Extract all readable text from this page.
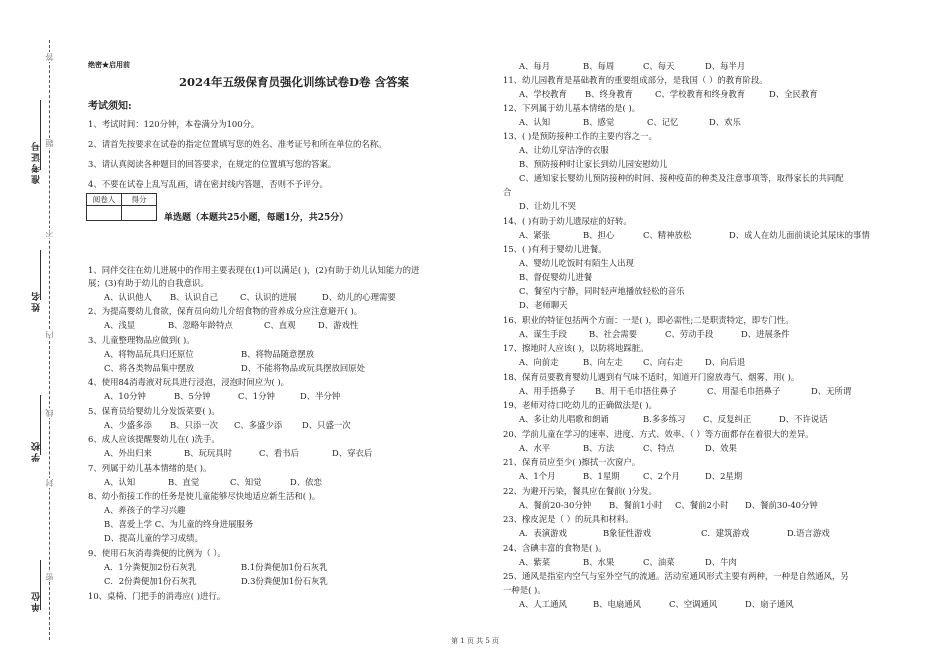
答
题
不
内
线
封
密
准考证号
姓名
学校
单位
绝密★启用前
2024年五级保育员强化训练试卷D卷 含答案
考试须知:
1、考试时间：120分钟，本卷满分为100分。
2、请首先按要求在试卷的指定位置填写您的姓名、准考证号和所在单位的名称。
3、请认真阅读各种题目的回答要求，在规定的位置填写您的答案。
4、不要在试卷上乱写乱画，请在密封线内答题，否则不予评分。
阅卷人	得分

单选题（本题共25小题，每题1分，共25分）
1、同伴交往在幼儿进展中的作用主要表现在(1)可以满足( )，(2)有助于幼儿认知能力的进
展；(3)有助于幼儿的自我意识。
A、认识他人 B、认识自己	C、认识的进展	D、幼儿的心理需要
2、为提高婴幼儿食欲，保育员向幼儿介绍食物的营养成分应注意避开( )。
A、浅显	B、忽略年龄特点	C、直观	D、游戏性
3、儿童整理物品应做到( )。
A、将物品玩具归还原位	B、将物品随意摆放
C、将各类物品集中摆放	D、不能将物品或玩具摆放回原处
4、使用84消毒液对玩具进行浸泡，浸泡时间应为( )。
A、10分钟	B、5分钟	C、1分钟	D、半分钟
5、保育员给婴幼儿分发饭菜要( )。
A、少盛多添 B、只添一次 C、多盛少添 D、只盛一次
6、成人应该提醒婴幼儿在( )洗手。
A、外出归来	B、玩玩具时	C、看书后	D、穿衣后
7、列属于幼儿基本情绪的是( )。
A、认知	B、直觉	C、知觉	D、依恋
8、幼小衔接工作的任务是使儿童能够尽快地适应新生活和( )。
A、养孩子的学习兴趣
B、喜爱上学 C、为儿童的终身进展服务
D、提高儿童的学习成绩。
9、使用石灰消毒粪便的比例为（ ）。
A．1分粪便加2份石灰乳	B.1份粪便加1份石灰乳
C．2份粪便加1份石灰乳	D.3份粪便加1份石灰乳
10、桌椅、门把手的消毒应( )进行。
A、每月	B、每周	C、每天	D、每半月
11、幼儿园教育是基础教育的重要组成部分，是我国（ ）的教育阶段。
A、学校教育 B、终身教育	C、学校教育和终身教育	D、全民教育
12、下列属于幼儿基本情绪的是( )。
A、认知	B、感觉	C、记忆	D、欢乐
13、( )是预防接种工作的主要内容之一。
A、让幼儿穿洁净的衣服
B、预防接种时让家长到幼儿园安慰幼儿
C、通知家长婴幼儿预防接种的时间、接种疫苗的种类及注意事项等，取得家长的共同配
合
D、让幼儿不哭
14、( )有助于幼儿遗尿症的好转。
A、紧张	B、担心	C、精神放松	D、成人在幼儿面前谈论其尿床的事情
15、( )有利于婴幼儿进餐。
A、婴幼儿吃饭时有陌生人出现
B、督促婴幼儿进餐
C、餐室内宁静，同时轻声地播放轻松的音乐
D、老师聊天
16、职业的特征包括两个方面：一是( )，即必需性;二是职责特定，即专门性。
A、谋生手段	B、社会需要	C、劳动手段	D、进展条件
17、擦地时人应该( )，以防将地踩脏。
A、向前走	B、向左走 C、向右走	D、向后退
18、保育员要教育婴幼儿遇到有气味不适时，知道开门窗放毒气、烟雾，用( )。
A、用手捂鼻子 B、用干毛巾捂住鼻子	C、用湿毛巾捂鼻子	D、无所谓
19、老师对待口吃幼儿的正确做法是( )。
A、多让幼儿唱歌和朗诵	B.多多练习 C、反复纠正	D、不许说话
20、学前儿童在学习的速率、进度、方式、效率、（ ）等方面都存在着很大的差异。
A、水平	B、方法	C、特点	D、效果
21、保育员应至少( )擦拭一次窗户。
A、1个月	B、1星期	C、2个月	D、2星期
22、为避开污染，餐具应在餐前( )分发。
A、餐前20-30分钟 B、餐前1小时 C、餐前2小时 D、餐前30-40分钟
23、橡皮泥是（ ）的玩具和材料。
A．表演游戏	B象征性游戏	C．建筑游戏	D.语言游戏
24、含碘丰富的食物是( )。
A、紫菜	B、水果	C、油菜	D、牛肉
25、通风是指室内空气与室外空气的流通。活动室通风形式主要有两种，一种是自然通风，另
一种是( )。
A、人工通风	B、电扇通风	C、空调通风	D、扇子通风
第 1 页 共 5 页
